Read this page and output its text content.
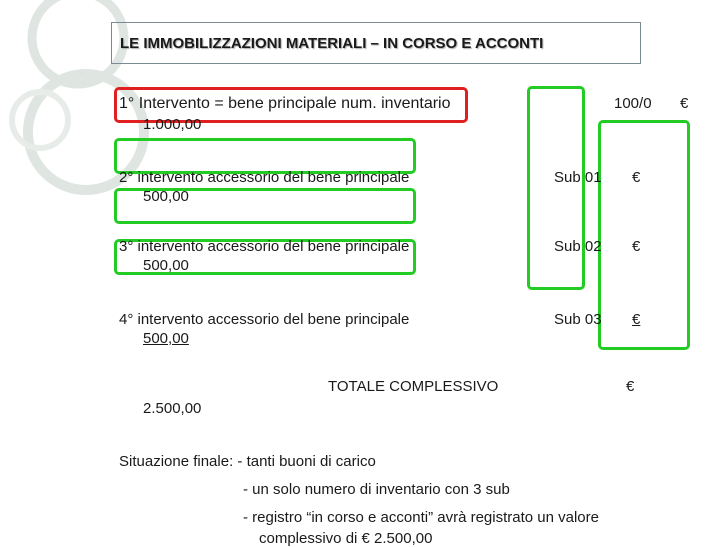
LE IMMOBILIZZAZIONI MATERIALI – IN CORSO E ACCONTI
1° Intervento = bene principale num. inventario	100/0 €
1.000,00
2° intervento accessorio del bene principale	Sub 01 €
500,00
3° intervento accessorio del bene principale	Sub 02 €
500,00
4° intervento accessorio del bene principale	Sub 03 €
500,00
TOTALE COMPLESSIVO	€
2.500,00
Situazione finale: - tanti buoni di carico
- un solo numero di inventario con 3 sub
- registro “in corso e acconti” avrà registrato un valore
complessivo di € 2.500,00
